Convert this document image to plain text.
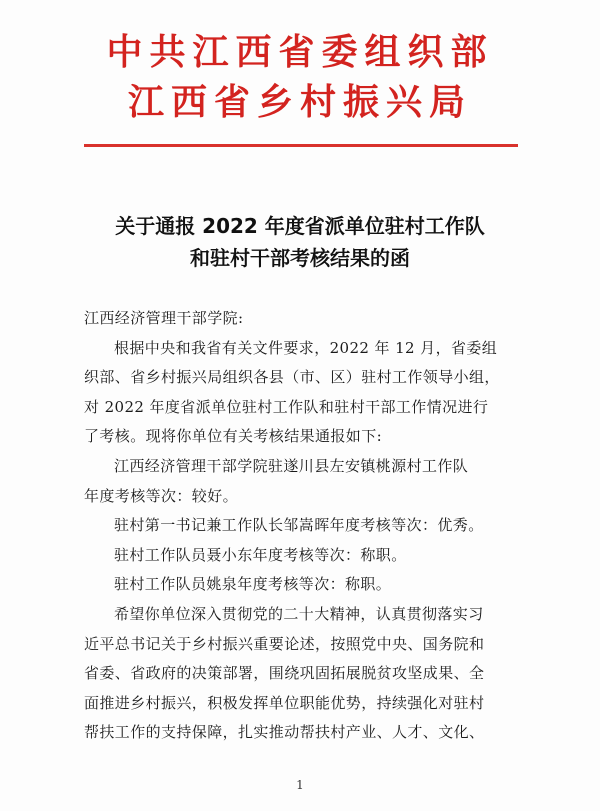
中共江西省委组织部
江西省乡村振兴局
关于通报 2022 年度省派单位驻村工作队
和驻村干部考核结果的函
江西经济管理干部学院:
根据中央和我省有关文件要求，2022 年 12 月，省委组
织部、省乡村振兴局组织各县（市、区）驻村工作领导小组，
对 2022 年度省派单位驻村工作队和驻村干部工作情况进行
了考核。现将你单位有关考核结果通报如下:
江西经济管理干部学院驻遂川县左安镇桃源村工作队
年度考核等次：较好。
驻村第一书记兼工作队长邹嵩晖年度考核等次：优秀。
驻村工作队员聂小东年度考核等次：称职。
驻村工作队员姚泉年度考核等次：称职。
希望你单位深入贯彻党的二十大精神，认真贯彻落实习
近平总书记关于乡村振兴重要论述，按照党中央、国务院和
省委、省政府的决策部署，围绕巩固拓展脱贫攻坚成果、全
面推进乡村振兴，积极发挥单位职能优势，持续强化对驻村
帮扶工作的支持保障，扎实推动帮扶村产业、人才、文化、
1
